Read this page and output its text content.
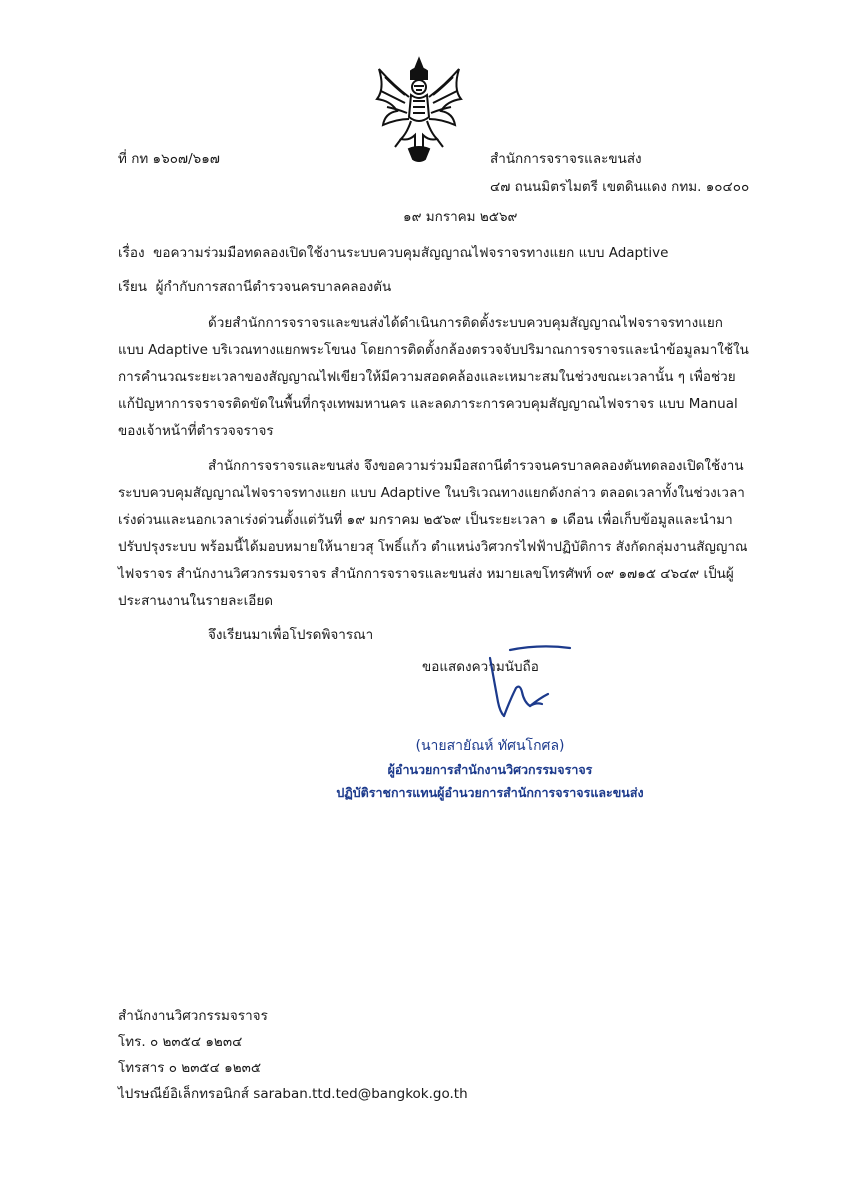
ที่ กท ๑๖๐๗/๖๑๗	สำนักการจราจรและขนส่ง
๔๗ ถนนมิตรไมตรี เขตดินแดง กทม. ๑๐๔๐๐
๑๙ มกราคม ๒๕๖๙
เรื่อง ขอความร่วมมือทดลองเปิดใช้งานระบบควบคุมสัญญาณไฟจราจรทางแยก แบบ Adaptive
เรียน ผู้กำกับการสถานีตำรวจนครบาลคลองตัน
ด้วยสำนักการจราจรและขนส่งได้ดำเนินการติดตั้งระบบควบคุมสัญญาณไฟจราจรทางแยก
แบบ Adaptive บริเวณทางแยกพระโขนง โดยการติดตั้งกล้องตรวจจับปริมาณการจราจรและนำข้อมูลมาใช้ใน
การคำนวณระยะเวลาของสัญญาณไฟเขียวให้มีความสอดคล้องและเหมาะสมในช่วงขณะเวลานั้น ๆ เพื่อช่วย
แก้ปัญหาการจราจรติดขัดในพื้นที่กรุงเทพมหานคร และลดภาระการควบคุมสัญญาณไฟจราจร แบบ Manual
ของเจ้าหน้าที่ตำรวจจราจร
สำนักการจราจรและขนส่ง จึงขอความร่วมมือสถานีตำรวจนครบาลคลองตันทดลองเปิดใช้งาน
ระบบควบคุมสัญญาณไฟจราจรทางแยก แบบ Adaptive ในบริเวณทางแยกดังกล่าว ตลอดเวลาทั้งในช่วงเวลา
เร่งด่วนและนอกเวลาเร่งด่วนตั้งแต่วันที่ ๑๙ มกราคม ๒๕๖๙ เป็นระยะเวลา ๑ เดือน เพื่อเก็บข้อมูลและนำมา
ปรับปรุงระบบ พร้อมนี้ได้มอบหมายให้นายวสุ โพธิ์แก้ว ตำแหน่งวิศวกรไฟฟ้าปฏิบัติการ สังกัดกลุ่มงานสัญญาณ
ไฟจราจร สำนักงานวิศวกรรมจราจร สำนักการจราจรและขนส่ง หมายเลขโทรศัพท์ ๐๙ ๑๗๑๕ ๔๖๔๙ เป็นผู้
ประสานงานในรายละเอียด
จึงเรียนมาเพื่อโปรดพิจารณา
ขอแสดงความนับถือ
(นายสายัณห์ ทัศนโกศล)
ผู้อำนวยการสำนักงานวิศวกรรมจราจร
ปฏิบัติราชการแทนผู้อำนวยการสำนักการจราจรและขนส่ง
สำนักงานวิศวกรรมจราจร
โทร. ๐ ๒๓๕๔ ๑๒๓๔
โทรสาร ๐ ๒๓๕๔ ๑๒๓๕
ไปรษณีย์อิเล็กทรอนิกส์ saraban.ttd.ted@bangkok.go.th
